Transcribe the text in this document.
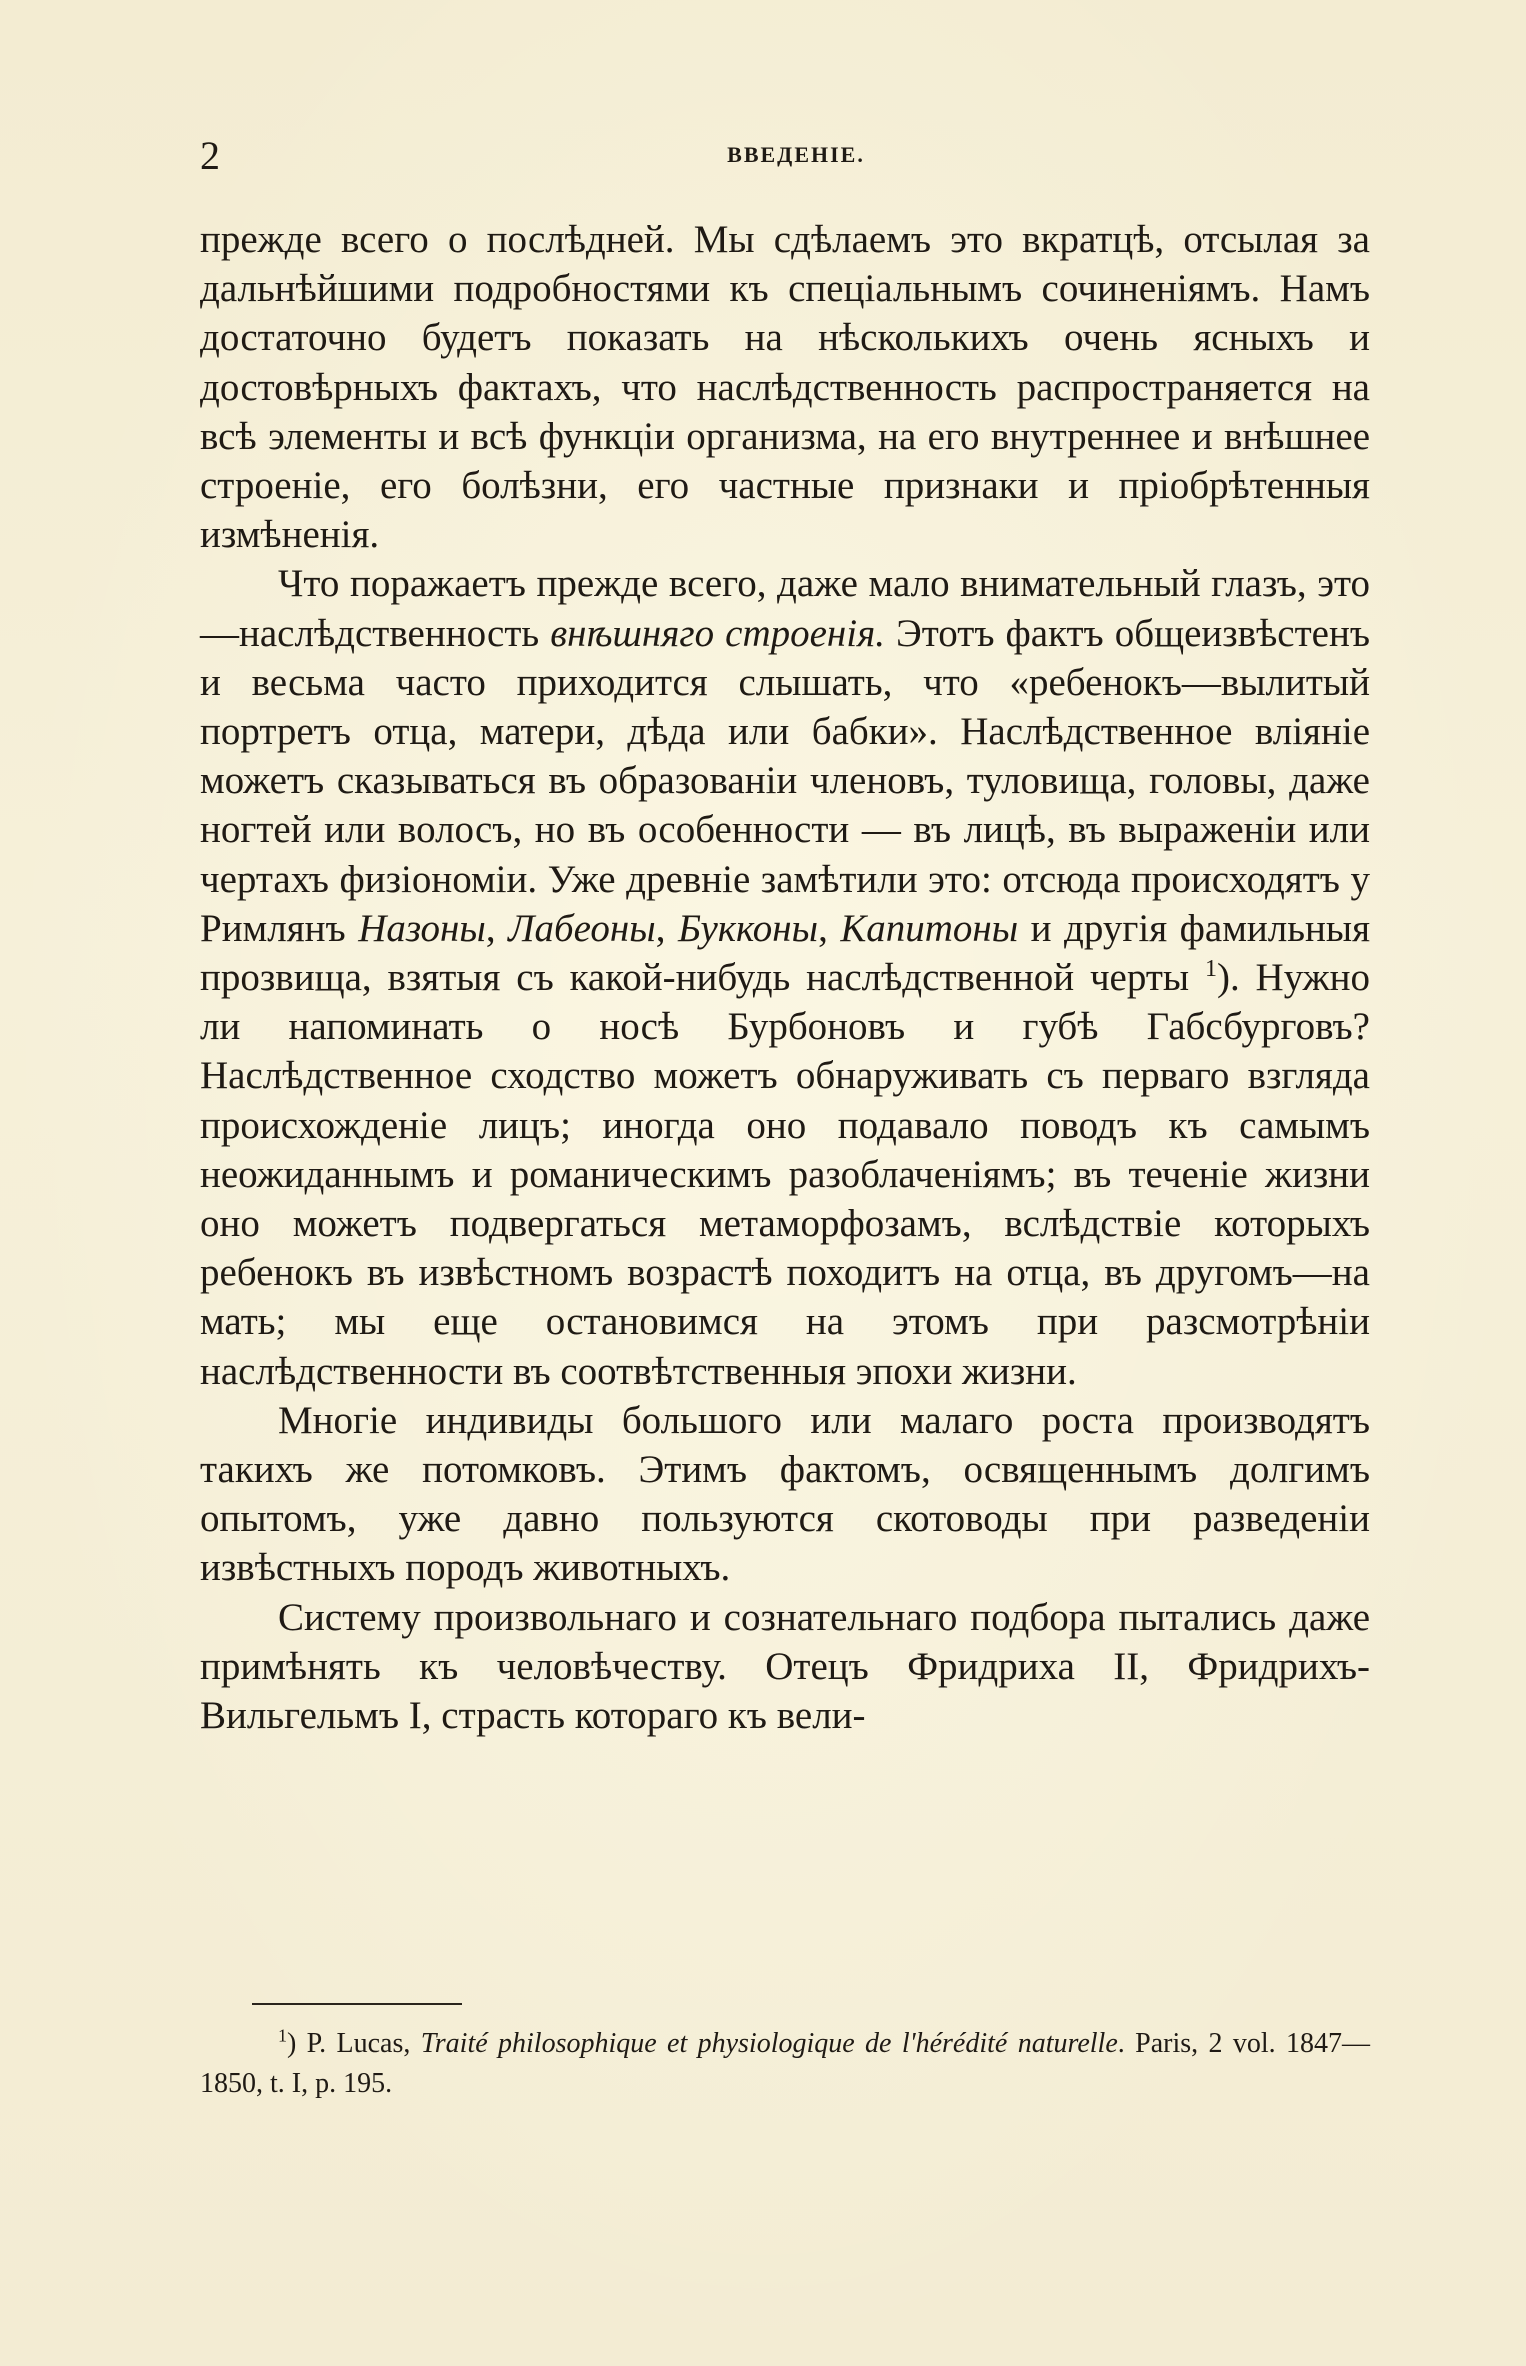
2	ВВЕДЕНІЕ.

прежде всего о послѣдней. Мы сдѣлаемъ это вкратцѣ, отсылая за дальнѣйшими подробностями къ спеціальнымъ сочиненіямъ. Намъ достаточно будетъ показать на нѣсколькихъ очень ясныхъ и достовѣрныхъ фактахъ, что наслѣдственность распространяется на всѣ элементы и всѣ функціи организма, на его внутреннее и внѣшнее строеніе, его болѣзни, его частные признаки и пріобрѣтенныя измѣненія.

Что поражаетъ прежде всего, даже мало внимательный глазъ, это—наслѣдственность внѣшняго строенія. Этотъ фактъ общеизвѣстенъ и весьма часто приходится слышать, что «ребенокъ—вылитый портретъ отца, матери, дѣда или бабки». Наслѣдственное вліяніе можетъ сказываться въ образованіи членовъ, туловища, головы, даже ногтей или волосъ, но въ особенности — въ лицѣ, въ выраженіи или чертахъ физіономіи. Уже древніе замѣтили это: отсюда происходятъ у Римлянъ Назоны, Лабеоны, Букконы, Капитоны и другія фамильныя прозвища, взятыя съ какой-нибудь наслѣдственной черты $^1$). Нужно ли напоминать о носѣ Бурбоновъ и губѣ Габсбурговъ? Наслѣдственное сходство можетъ обнаруживать съ перваго взгляда происхожденіе лицъ; иногда оно подавало поводъ къ самымъ неожиданнымъ и романическимъ разоблаченіямъ; въ теченіе жизни оно можетъ подвергаться метаморфозамъ, вслѣдствіе которыхъ ребенокъ въ извѣстномъ возрастѣ походитъ на отца, въ другомъ—на мать; мы еще остановимся на этомъ при разсмотрѣніи наслѣдственности въ соотвѣтственныя эпохи жизни.

Многіе индивиды большого или малаго роста производятъ такихъ же потомковъ. Этимъ фактомъ, освященнымъ долгимъ опытомъ, уже давно пользуются скотоводы при разведеніи извѣстныхъ породъ животныхъ.

Систему произвольнаго и сознательнаго подбора пытались даже примѣнять къ человѣчеству. Отецъ Фридриха II, Фридрихъ-Вильгельмъ I, страсть котораго къ вели-

$^1$) P. Lucas, Traité philosophique et physiologique de l'hérédité naturelle. Paris, 2 vol. 1847—1850, t. I, p. 195.
